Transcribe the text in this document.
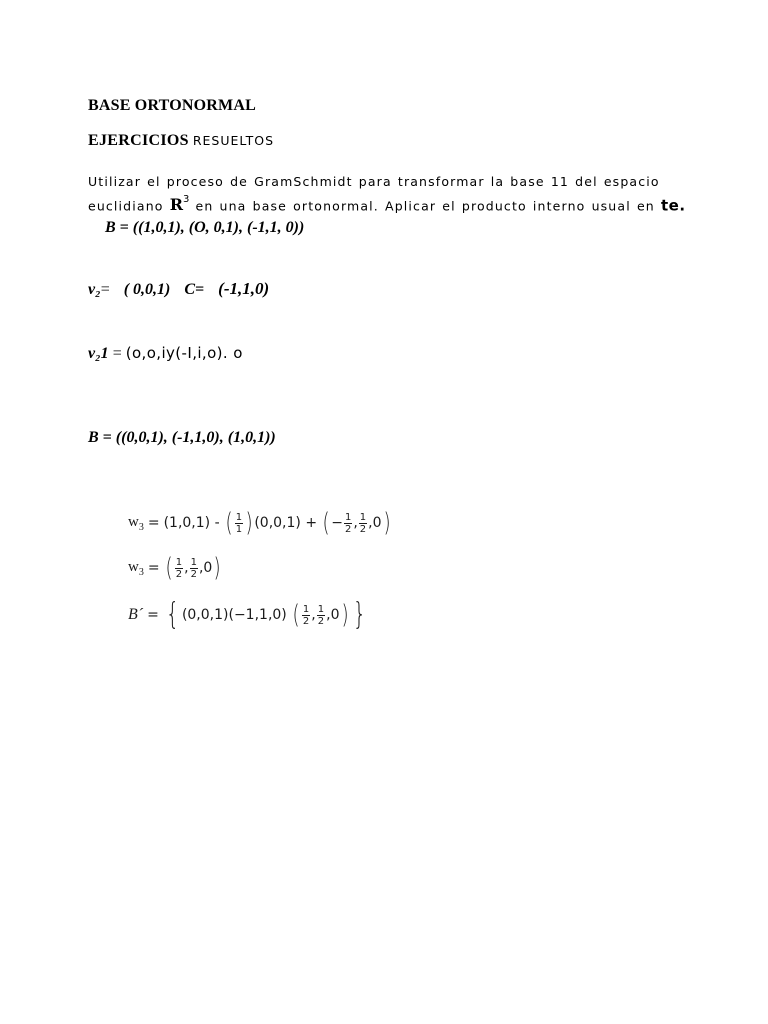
BASE ORTONORMAL
EJERCICIOS RESUELTOS
Utilizar el proceso de GramSchmidt para transformar la base 11 del espacio
euclidiano $R^3$ en una base ortonormal. Aplicar el producto interno usual en te.
B = ((1,0,1), (O, 0,1), (-1,1, 0))
v₂= ( 0,0,1) C= (-1,1,0)
v₂1 = (o,o,iy(-I,i,o). o
B = ((0,0,1), (-1,1,0), (1,0,1))
$w_3 = (1,0,1)$ - ( $\frac{1}{1}$ ) (0,0,1) + ( − $\frac{1}{2}$ , $\frac{1}{2}$ , 0 )
$w_3$ = ( $\frac{1}{2}$ , $\frac{1}{2}$ , 0 )
B´ = { (0,0,1)(−1,1,0) ( $\frac{1}{2}$ , $\frac{1}{2}$ , 0 ) }
